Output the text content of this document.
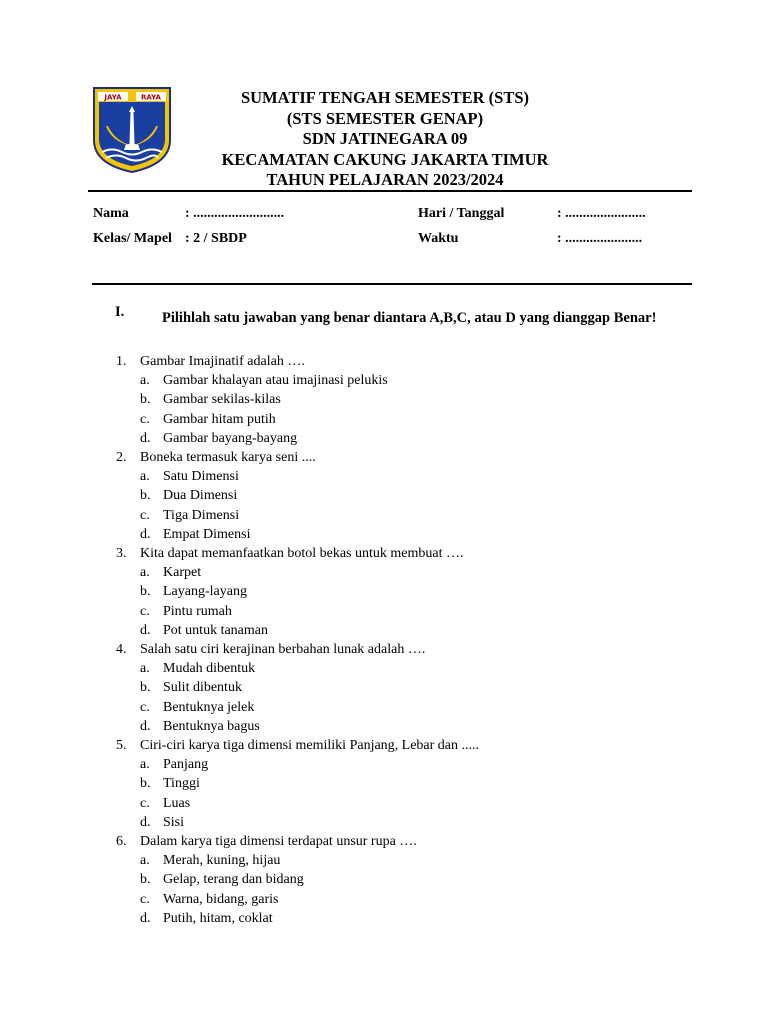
JAYA	RAYA	SUMATIF TENGAH SEMESTER (STS)
(STS SEMESTER GENAP)
SDN JATINEGARA 09
KECAMATAN CAKUNG JAKARTA TIMUR
TAHUN PELAJARAN 2023/2024
Nama	: ..........................	Hari / Tanggal	: .......................
Kelas/ Mapel : 2 / SBDP	Waktu	: ......................
I.	Pilihlah satu jawaban yang benar diantara A,B,C, atau D yang dianggap Benar!
1. Gambar Imajinatif adalah ….
a. Gambar khalayan atau imajinasi pelukis
b. Gambar sekilas-kilas
c. Gambar hitam putih
d. Gambar bayang-bayang
2. Boneka termasuk karya seni ....
a. Satu Dimensi
b. Dua Dimensi
c. Tiga Dimensi
d. Empat Dimensi
3. Kita dapat memanfaatkan botol bekas untuk membuat ….
a. Karpet
b. Layang-layang
c. Pintu rumah
d. Pot untuk tanaman
4. Salah satu ciri kerajinan berbahan lunak adalah ….
a. Mudah dibentuk
b. Sulit dibentuk
c. Bentuknya jelek
d. Bentuknya bagus
5. Ciri-ciri karya tiga dimensi memiliki Panjang, Lebar dan .....
a. Panjang
b. Tinggi
c. Luas
d. Sisi
6. Dalam karya tiga dimensi terdapat unsur rupa ….
a. Merah, kuning, hijau
b. Gelap, terang dan bidang
c. Warna, bidang, garis
d. Putih, hitam, coklat
